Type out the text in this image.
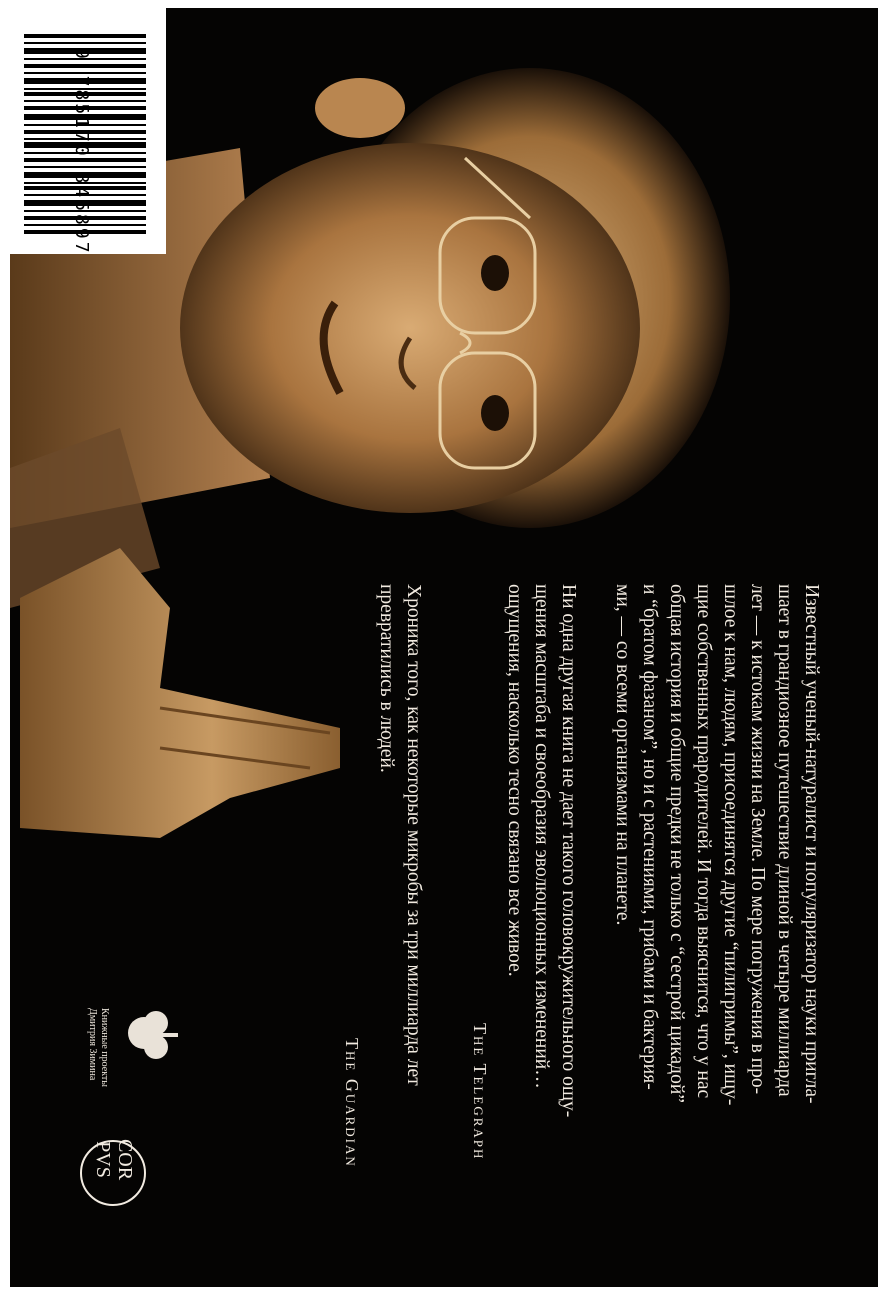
9 785170 845897
Известный ученый-натуралист и популяризатор науки пригла-
шает в грандиозное путешествие длиной в четыре миллиарда
лет — к истокам жизни на Земле. По мере погружения в про-
шлое к нам, людям, присоединятся другие “пилигримы”, ищу-
щие собственных прародителей. И тогда выяснится, что у нас
общая история и общие предки не только с “сестрой цикадой”
и “братом фазаном”, но и с растениями, грибами и бактерия-
ми, — со всеми организмами на планете.
Ни одна другая книга не дает такого головокружительного ощу-
щения масштаба и своеобразия эволюционных изменений…
ощущения, насколько тесно связано все живое.
The Telegraph
Хроника того, как некоторые микробы за три миллиарда лет
превратились в людей.
The Guardian
Книжные проекты
Дмитрия Зимина
COR
PVS
